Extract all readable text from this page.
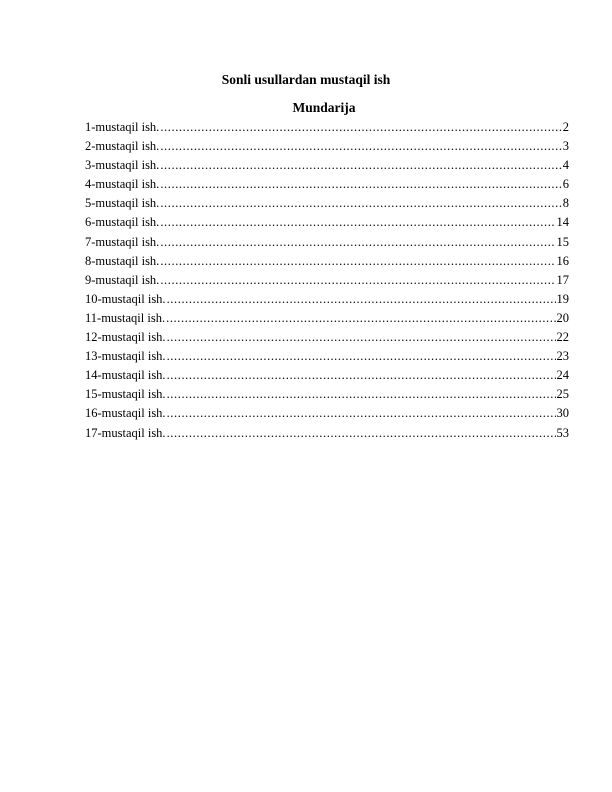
Sonli usullardan mustaqil ish
Mundarija
1-mustaqil ish. .....	2
2-mustaqil ish. .....	3
3-mustaqil ish. .....	4
4-mustaqil ish. .....	6
5-mustaqil ish. .....	8
6-mustaqil ish. .....	14
7-mustaqil ish. .....	15
8-mustaqil ish. .....	16
9-mustaqil ish. .....	17
10-mustaqil ish. .....	19
11-mustaqil ish. .....	20
12-mustaqil ish. .....	22
13-mustaqil ish. .....	23
14-mustaqil ish. .....	24
15-mustaqil ish. .....	25
16-mustaqil ish. .....	30
17-mustaqil ish. .....	53
